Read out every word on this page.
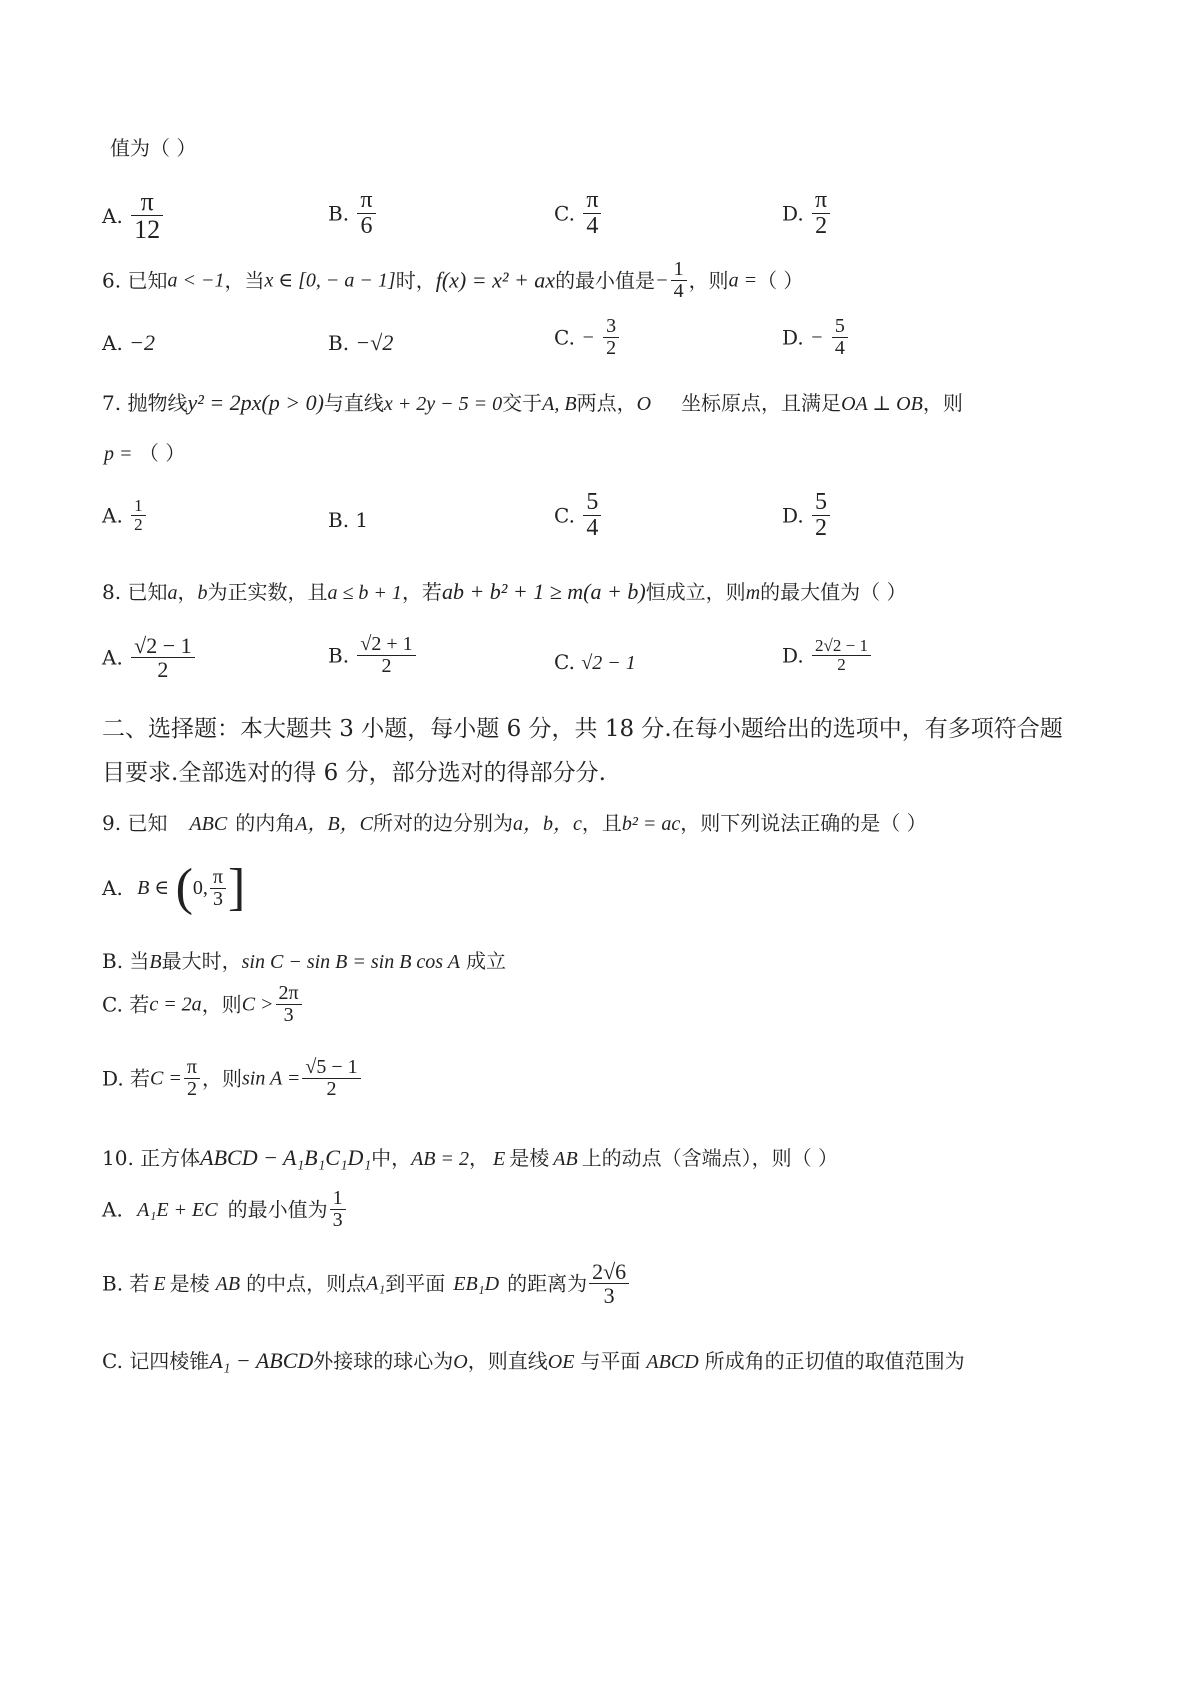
值为（ ）
A. $\frac{\pi}{12}$	B. $\frac{\pi}{6}$	C. $\frac{\pi}{4}$	D. $\frac{\pi}{2}$
6. 已知a < −1，当x ∈ [0, − a − 1]时，f(x) = x² + ax的最小值是− $\frac{1}{4}$ ，则a =（ ）
A. −2	B. −√2	C. − $\frac{3}{2}$	D. − $\frac{5}{4}$
7. 抛物线y² = 2px(p > 0)与直线x + 2y − 5 = 0交于A, B两点，O 坐标原点，且满足OA ⊥ OB，则
p = （ ）
A. $\frac{1}{2}$	B. 1	C. $\frac{5}{4}$	D. $\frac{5}{2}$
8. 已知a，b为正实数，且a ≤ b + 1，若ab + b² + 1 ≥ m(a + b)恒成立，则m的最大值为（ ）
A. $\frac{√2 - 1}{2}$	B. $\frac{√2 + 1}{2}$	C. √2 − 1	D. $\frac{2√2 - 1}{2}$
二、选择题：本大题共 3 小题，每小题 6 分，共 18 分.在每小题给出的选项中，有多项符合题
目要求.全部选对的得 6 分，部分选对的得部分分.
9. 已知 ABC 的内角A，B，C所对的边分别为a，b，c，且b² = ac，则下列说法正确的是（ ）
A. B ∈ (0, $\frac{\pi}{3}$ ]
B. 当B最大时，sin C − sin B = sin B cos A 成立
C. 若c = 2a，则$C > \frac{2\pi}{3}$
D. 若$C = \frac{\pi}{2}$ ，则$\sin A = \frac{√5 - 1}{2}$
10. 正方体ABCD − A₁B₁C₁D₁中，AB = 2， E 是棱 AB 上的动点（含端点），则（ ）
A. A₁E + EC 的最小值为 $\frac{1}{3}$
B. 若 E 是棱 AB 的中点，则点A₁到平面 EB₁D 的距离为 $\frac{2√6}{3}$
C. 记四棱锥A₁ − ABCD外接球的球心为O，则直线OE 与平面 ABCD 所成角的正切值的取值范围为
